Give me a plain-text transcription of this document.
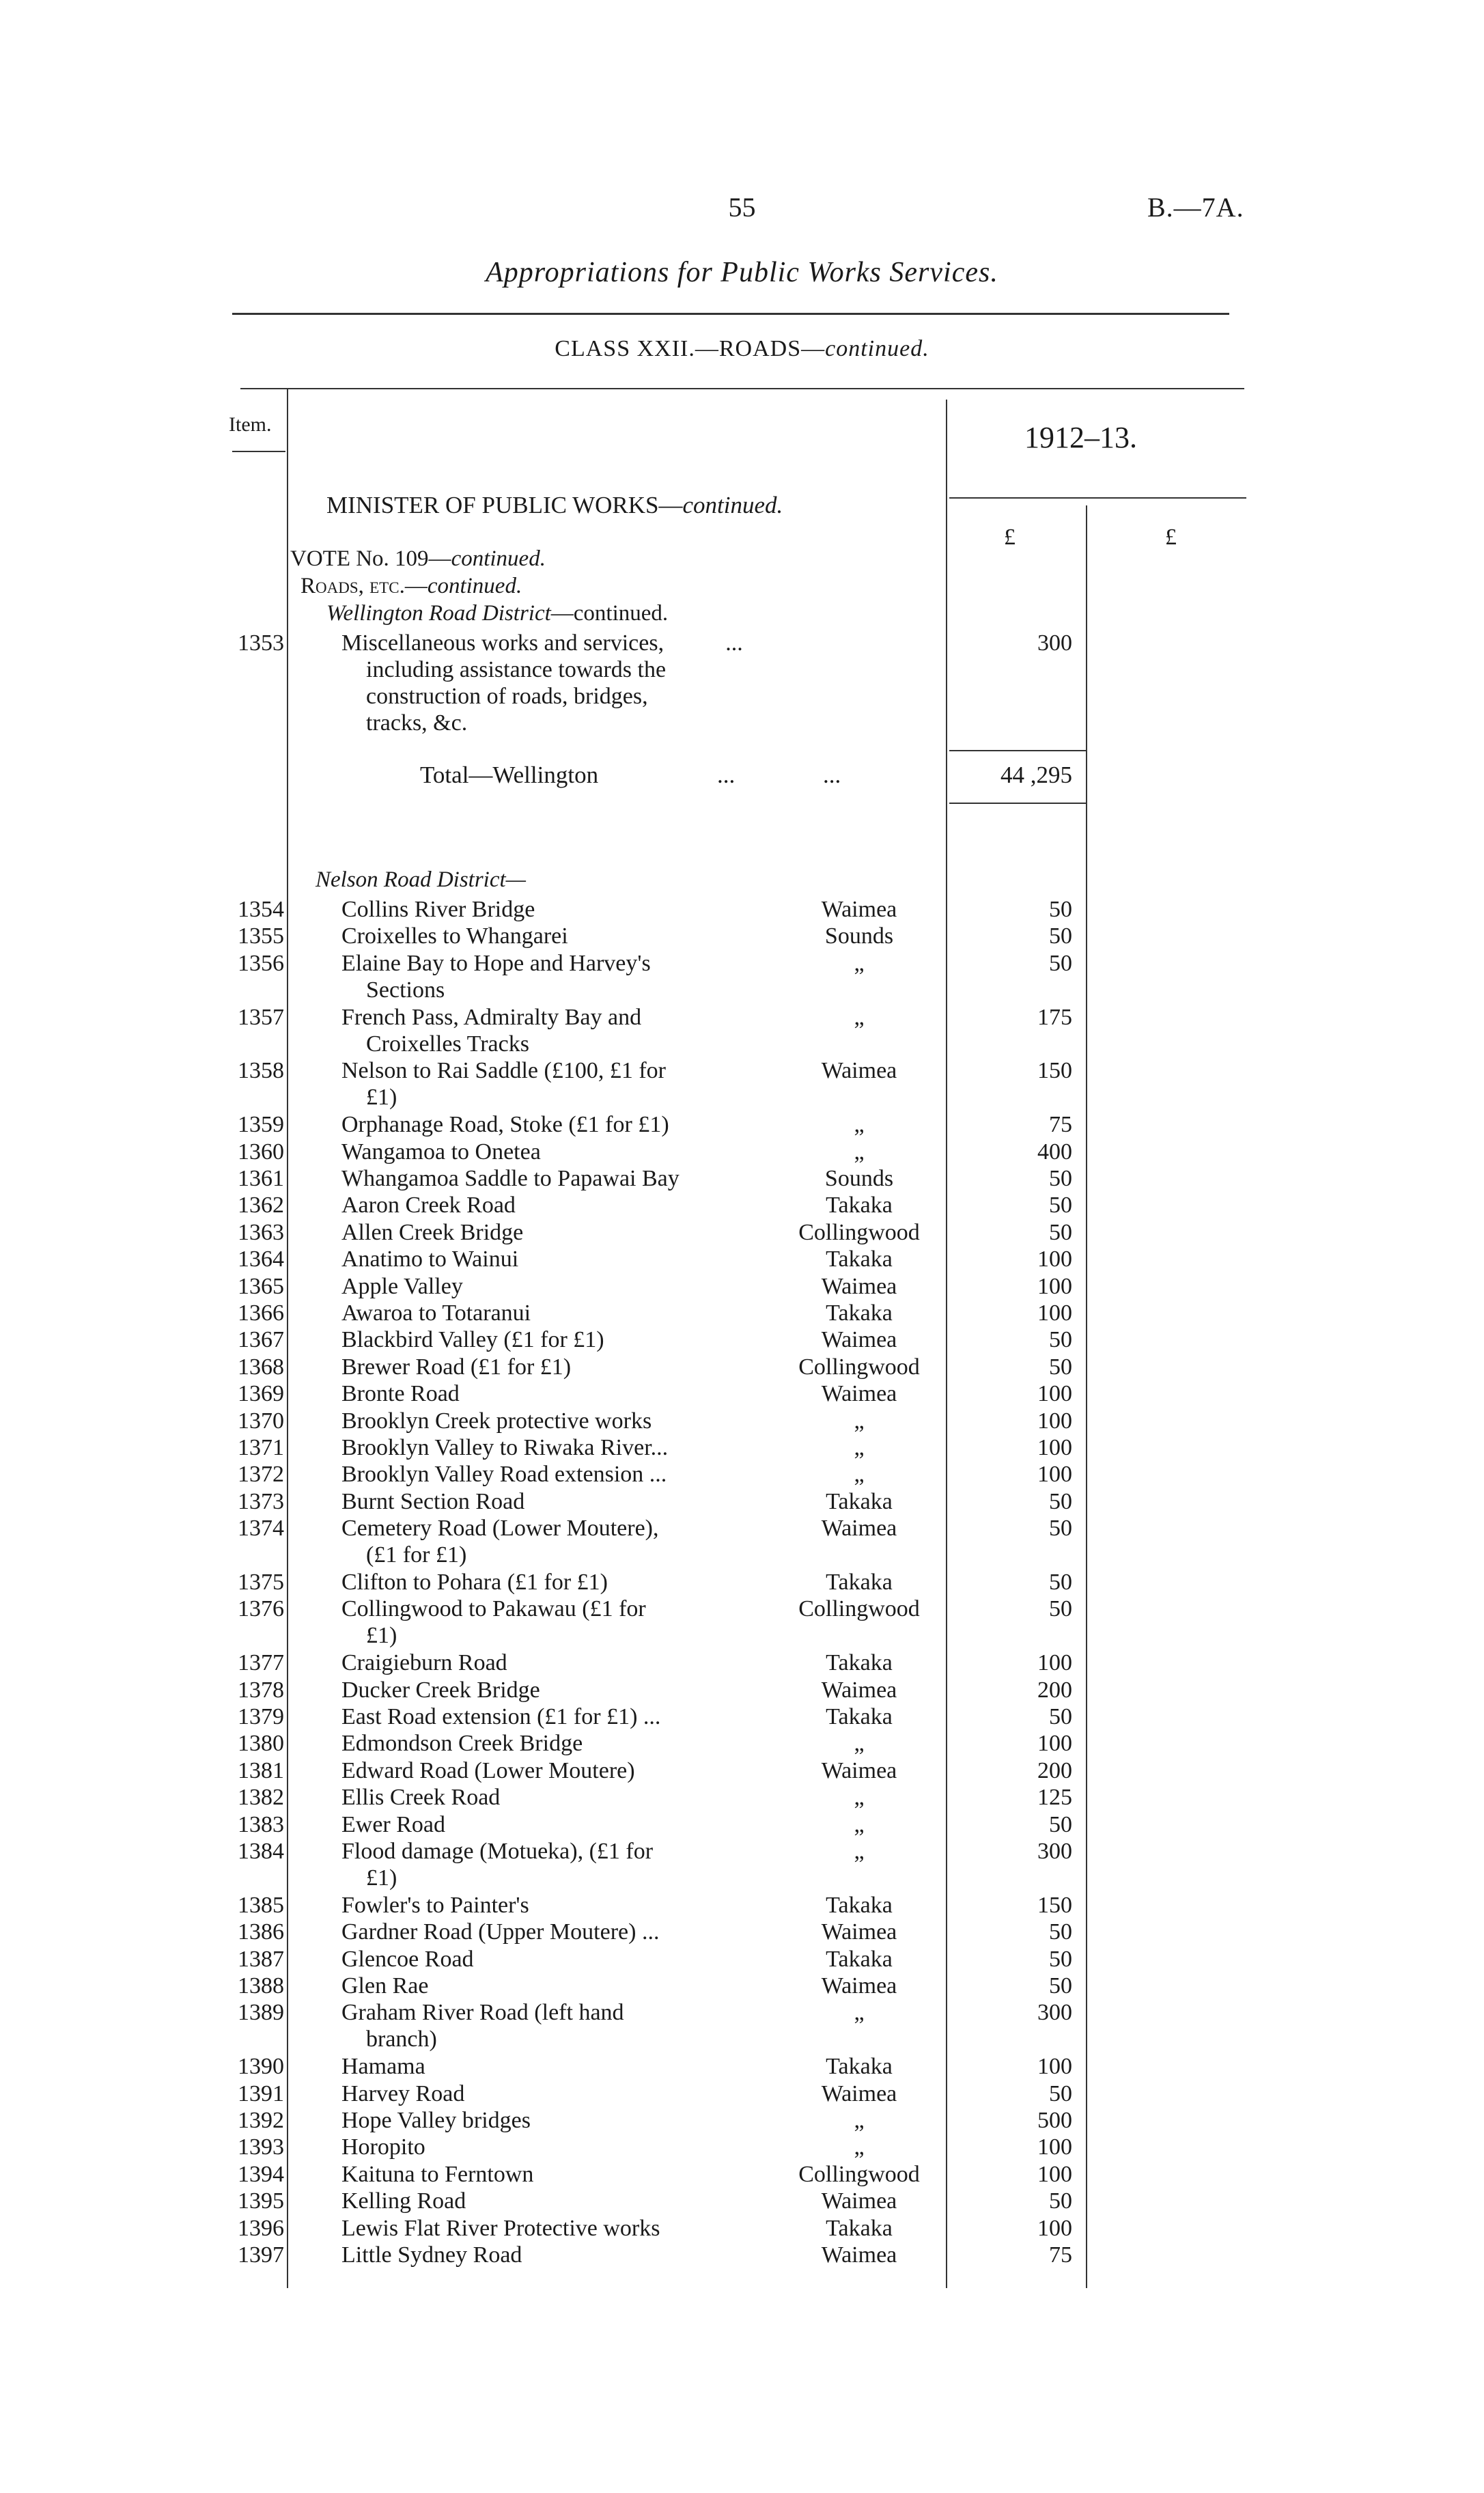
55	B.—7A.
Appropriations for Public Works Services.
CLASS XXII.—ROADS—continued.
Item.	1912–13.
MINISTER OF PUBLIC WORKS—continued.
£	£
VOTE No. 109—continued.
Roads, etc.—continued.
Wellington Road District—continued.
1353 Miscellaneous works and services,
including assistance towards the
construction of roads, bridges,
tracks, &c.
...	300
Total—Wellington	...	...	44 ,295
Nelson Road District—
1354 Collins River Bridge	Waimea	50
1355 Croixelles to Whangarei	Sounds	50
1356 Elaine Bay to Hope and Harvey's
Sections
„	50
1357 French Pass, Admiralty Bay and
Croixelles Tracks
„	175
1358 Nelson to Rai Saddle (£100, £1 for
£1)
Waimea	150
1359 Orphanage Road, Stoke (£1 for £1)	„	75
1360 Wangamoa to Onetea	„	400
1361 Whangamoa Saddle to Papawai Bay	Sounds	50
1362 Aaron Creek Road	Takaka	50
1363 Allen Creek Bridge	Collingwood	50
1364 Anatimo to Wainui	Takaka	100
1365 Apple Valley	Waimea	100
1366 Awaroa to Totaranui	Takaka	100
1367 Blackbird Valley (£1 for £1)	Waimea	50
1368 Brewer Road (£1 for £1)	Collingwood	50
1369 Bronte Road	Waimea	100
1370 Brooklyn Creek protective works	„	100
1371 Brooklyn Valley to Riwaka River...	„	100
1372 Brooklyn Valley Road extension ...	„	100
1373 Burnt Section Road	Takaka	50
1374 Cemetery Road (Lower Moutere),
(£1 for £1)
Waimea	50
1375 Clifton to Pohara (£1 for £1)	Takaka	50
1376 Collingwood to Pakawau (£1 for
£1)
Collingwood	50
1377 Craigieburn Road	Takaka	100
1378 Ducker Creek Bridge	Waimea	200
1379 East Road extension (£1 for £1) ...	Takaka	50
1380 Edmondson Creek Bridge	„	100
1381 Edward Road (Lower Moutere)	Waimea	200
1382 Ellis Creek Road	„	125
1383 Ewer Road	„	50
1384 Flood damage (Motueka), (£1 for
£1)
„	300
1385 Fowler's to Painter's	Takaka	150
1386 Gardner Road (Upper Moutere) ...	Waimea	50
1387 Glencoe Road	Takaka	50
1388 Glen Rae	Waimea	50
1389 Graham River Road (left hand
branch)
„	300
1390 Hamama	Takaka	100
1391 Harvey Road	Waimea	50
1392 Hope Valley bridges	„	500
1393 Horopito	„	100
1394 Kaituna to Ferntown	Collingwood	100
1395 Kelling Road	Waimea	50
1396 Lewis Flat River Protective works	Takaka	100
1397 Little Sydney Road	Waimea	75
